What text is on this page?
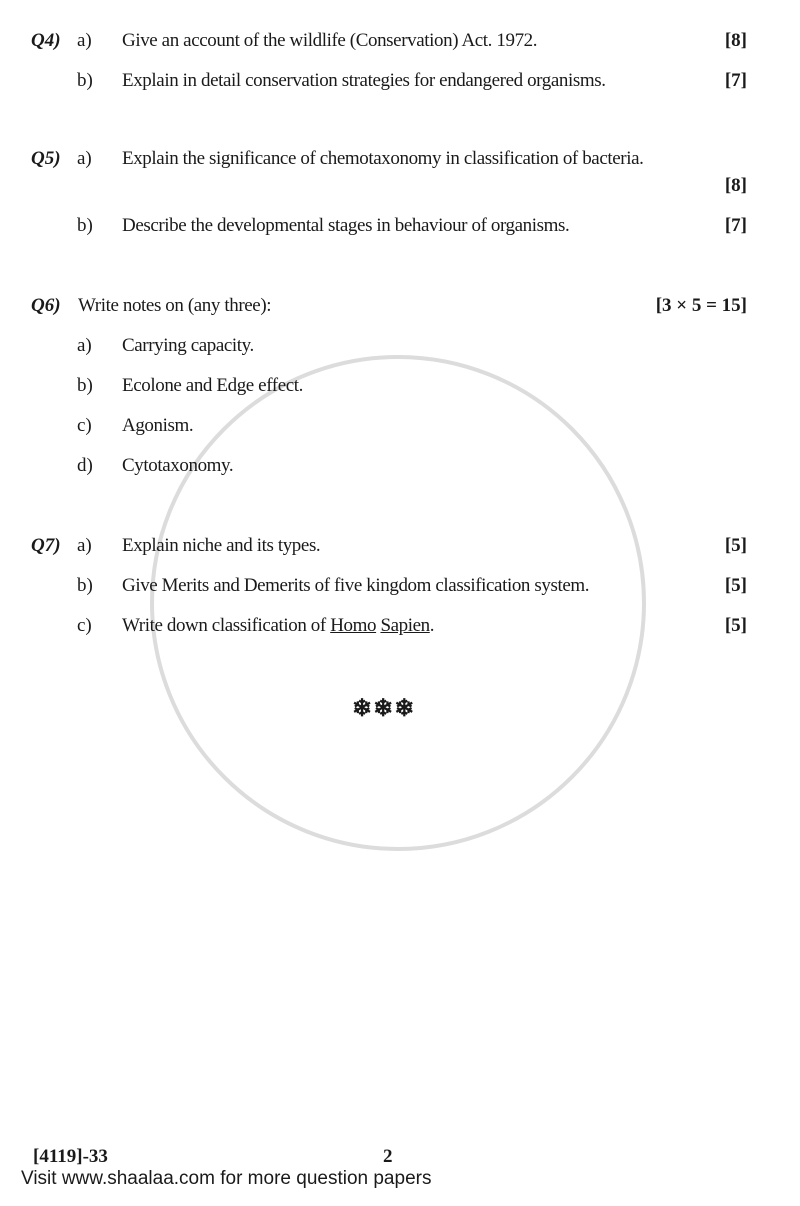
Q4) a) Give an account of the wildlife (Conservation) Act. 1972.	[8]
b) Explain in detail conservation strategies for endangered organisms.	[7]
Q5) a) Explain the significance of chemotaxonomy in classification of bacteria.
[8]
b) Describe the developmental stages in behaviour of organisms.	[7]
Q6) Write notes on (any three):	[3 × 5 = 15]
a) Carrying capacity.
b) Ecolone and Edge effect.
c) Agonism.
d) Cytotaxonomy.
Q7) a) Explain niche and its types.	[5]
b) Give Merits and Demerits of five kingdom classification system.	[5]
c) Write down classification of Homo Sapien.	[5]
❄❄❄
[4119]-33	2
Visit www.shaalaa.com for more question papers
